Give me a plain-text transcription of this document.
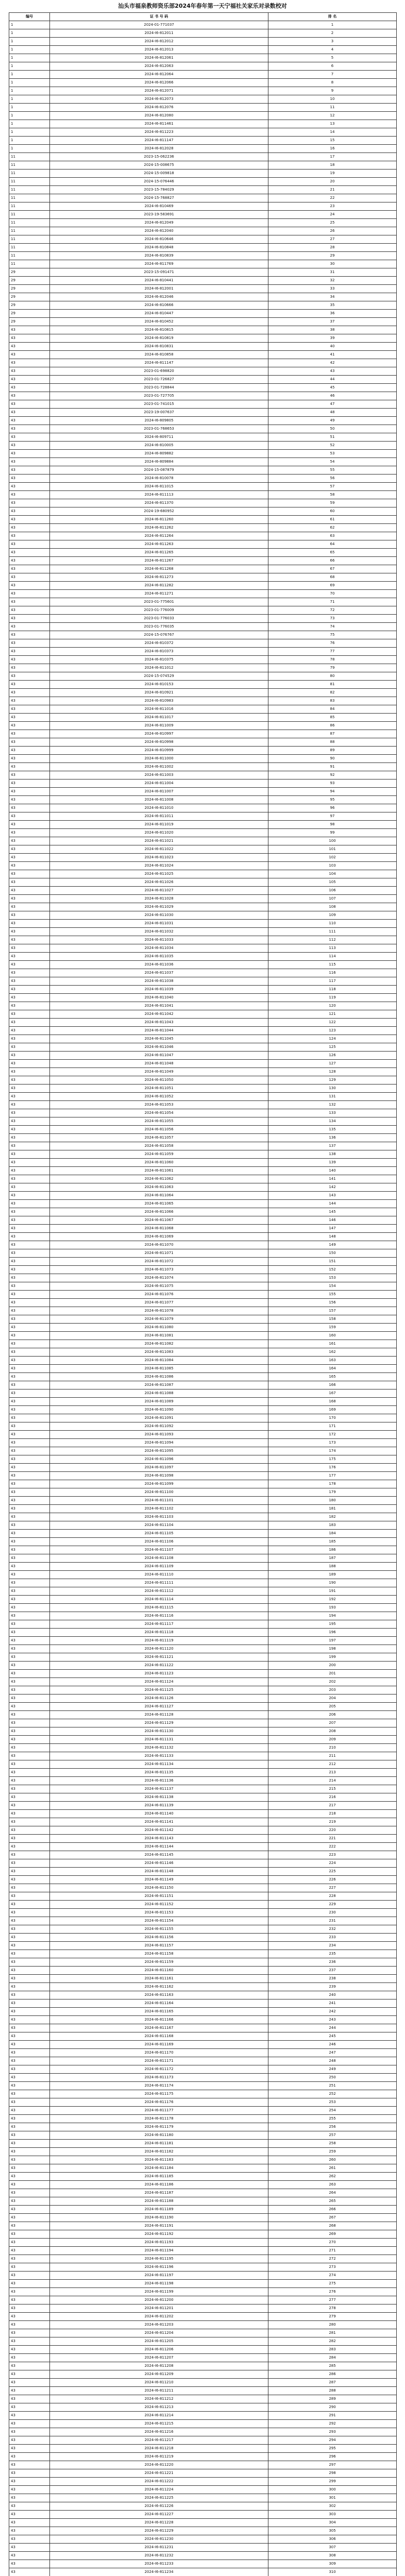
汕头市福泉教师资乐部2024年春年第一天宁福社关家乐对录数校对
编号	证 书 号 码	排 名
1	2024-01-771037	1
1	2024-I6-812011	2
1	2024-I6-812012	3
1	2024-I6-812013	4
1	2024-I6-812061	5
1	2024-I6-812063	6
1	2024-I6-812064	7
1	2024-I6-812066	8
1	2024-I6-812071	9
1	2024-I6-812073	10
1	2024-I6-812076	11
1	2024-I6-812080	12
1	2024-I6-811461	13
1	2024-I6-811223	14
1	2024-I6-811147	15
1	2024-I6-812028	16
11	2023-15-062236	17
11	2024-15-008675	18
11	2024-15-009818	19
11	2024-15-076446	20
11	2023-15-784029	21
11	2024-15-768827	22
11	2024-I6-810469	23
11	2023-19-583691	24
11	2024-I6-812049	25
11	2024-I6-812040	26
11	2024-I6-810646	27
11	2024-I6-810848	28
11	2024-I6-810839	29
11	2024-I6-811769	30
29	2023-15-091471	31
29	2024-I6-810441	32
29	2024-I6-812001	33
29	2024-I6-812046	34
29	2024-I6-810666	35
29	2024-I6-810447	36
29	2024-I6-810452	37
43	2024-I6-810815	38
43	2024-I6-810819	39
43	2024-I6-810831	40
43	2024-I6-810858	41
43	2024-I6-811147	42
43	2023-01-698820	43
43	2023-01-726827	44
43	2023-01-728844	45
43	2023-01-727705	46
43	2023-01-741015	47
43	2023-19-007637	48
43	2024-I6-809805	49
43	2023-01-768653	50
43	2024-I6-809711	51
43	2024-I6-810005	52
43	2024-I6-809882	53
43	2024-I6-809884	54
43	2024-15-087879	55
43	2024-I6-810078	56
43	2024-I6-811015	57
43	2024-I6-811113	58
43	2024-I6-811370	59
43	2024-19-680952	60
43	2024-I6-811260	61
43	2024-I6-811262	62
43	2024-I6-811264	63
43	2024-I6-811263	64
43	2024-I6-811265	65
43	2024-I6-811267	66
43	2024-I6-811268	67
43	2024-I6-811273	68
43	2024-I6-811282	69
43	2024-I6-811271	70
43	2023-01-775601	71
43	2023-01-776009	72
43	2023-01-776033	73
43	2023-01-776035	74
43	2024-15-076767	75
43	2024-I6-810372	76
43	2024-I6-810373	77
43	2024-I6-810375	78
43	2024-I6-811012	79
43	2024-15-074529	80
43	2024-I6-810153	81
43	2024-I6-810921	82
43	2024-I6-810983	83
43	2024-I6-811016	84
43	2024-I6-811017	85
43	2024-I6-811009	86
43	2024-I6-810997	87
43	2024-I6-810998	88
43	2024-I6-810999	89
43	2024-I6-811000	90
43	2024-I6-811002	91
43	2024-I6-811003	92
43	2024-I6-811004	93
43	2024-I6-811007	94
43	2024-I6-811008	95
43	2024-I6-811010	96
43	2024-I6-811011	97
43	2024-I6-811019	98
43	2024-I6-811020	99
43	2024-I6-811021	100
43	2024-I6-811022	101
43	2024-I6-811023	102
43	2024-I6-811024	103
43	2024-I6-811025	104
43	2024-I6-811026	105
43	2024-I6-811027	106
43	2024-I6-811028	107
43	2024-I6-811029	108
43	2024-I6-811030	109
43	2024-I6-811031	110
43	2024-I6-811032	111
43	2024-I6-811033	112
43	2024-I6-811034	113
43	2024-I6-811035	114
43	2024-I6-811036	115
43	2024-I6-811037	116
43	2024-I6-811038	117
43	2024-I6-811039	118
43	2024-I6-811040	119
43	2024-I6-811041	120
43	2024-I6-811042	121
43	2024-I6-811043	122
43	2024-I6-811044	123
43	2024-I6-811045	124
43	2024-I6-811046	125
43	2024-I6-811047	126
43	2024-I6-811048	127
43	2024-I6-811049	128
43	2024-I6-811050	129
43	2024-I6-811051	130
43	2024-I6-811052	131
43	2024-I6-811053	132
43	2024-I6-811054	133
43	2024-I6-811055	134
43	2024-I6-811056	135
43	2024-I6-811057	136
43	2024-I6-811058	137
43	2024-I6-811059	138
43	2024-I6-811060	139
43	2024-I6-811061	140
43	2024-I6-811062	141
43	2024-I6-811063	142
43	2024-I6-811064	143
43	2024-I6-811065	144
43	2024-I6-811066	145
43	2024-I6-811067	146
43	2024-I6-811068	147
43	2024-I6-811069	148
43	2024-I6-811070	149
43	2024-I6-811071	150
43	2024-I6-811072	151
43	2024-I6-811073	152
43	2024-I6-811074	153
43	2024-I6-811075	154
43	2024-I6-811076	155
43	2024-I6-811077	156
43	2024-I6-811078	157
43	2024-I6-811079	158
43	2024-I6-811080	159
43	2024-I6-811081	160
43	2024-I6-811082	161
43	2024-I6-811083	162
43	2024-I6-811084	163
43	2024-I6-811085	164
43	2024-I6-811086	165
43	2024-I6-811087	166
43	2024-I6-811088	167
43	2024-I6-811089	168
43	2024-I6-811090	169
43	2024-I6-811091	170
43	2024-I6-811092	171
43	2024-I6-811093	172
43	2024-I6-811094	173
43	2024-I6-811095	174
43	2024-I6-811096	175
43	2024-I6-811097	176
43	2024-I6-811098	177
43	2024-I6-811099	178
43	2024-I6-811100	179
43	2024-I6-811101	180
43	2024-I6-811102	181
43	2024-I6-811103	182
43	2024-I6-811104	183
43	2024-I6-811105	184
43	2024-I6-811106	185
43	2024-I6-811107	186
43	2024-I6-811108	187
43	2024-I6-811109	188
43	2024-I6-811110	189
43	2024-I6-811111	190
43	2024-I6-811112	191
43	2024-I6-811114	192
43	2024-I6-811115	193
43	2024-I6-811116	194
43	2024-I6-811117	195
43	2024-I6-811118	196
43	2024-I6-811119	197
43	2024-I6-811120	198
43	2024-I6-811121	199
43	2024-I6-811122	200
43	2024-I6-811123	201
43	2024-I6-811124	202
43	2024-I6-811125	203
43	2024-I6-811126	204
43	2024-I6-811127	205
43	2024-I6-811128	206
43	2024-I6-811129	207
43	2024-I6-811130	208
43	2024-I6-811131	209
43	2024-I6-811132	210
43	2024-I6-811133	211
43	2024-I6-811134	212
43	2024-I6-811135	213
43	2024-I6-811136	214
43	2024-I6-811137	215
43	2024-I6-811138	216
43	2024-I6-811139	217
43	2024-I6-811140	218
43	2024-I6-811141	219
43	2024-I6-811142	220
43	2024-I6-811143	221
43	2024-I6-811144	222
43	2024-I6-811145	223
43	2024-I6-811146	224
43	2024-I6-811148	225
43	2024-I6-811149	226
43	2024-I6-811150	227
43	2024-I6-811151	228
43	2024-I6-811152	229
43	2024-I6-811153	230
43	2024-I6-811154	231
43	2024-I6-811155	232
43	2024-I6-811156	233
43	2024-I6-811157	234
43	2024-I6-811158	235
43	2024-I6-811159	236
43	2024-I6-811160	237
43	2024-I6-811161	238
43	2024-I6-811162	239
43	2024-I6-811163	240
43	2024-I6-811164	241
43	2024-I6-811165	242
43	2024-I6-811166	243
43	2024-I6-811167	244
43	2024-I6-811168	245
43	2024-I6-811169	246
43	2024-I6-811170	247
43	2024-I6-811171	248
43	2024-I6-811172	249
43	2024-I6-811173	250
43	2024-I6-811174	251
43	2024-I6-811175	252
43	2024-I6-811176	253
43	2024-I6-811177	254
43	2024-I6-811178	255
43	2024-I6-811179	256
43	2024-I6-811180	257
43	2024-I6-811181	258
43	2024-I6-811182	259
43	2024-I6-811183	260
43	2024-I6-811184	261
43	2024-I6-811185	262
43	2024-I6-811186	263
43	2024-I6-811187	264
43	2024-I6-811188	265
43	2024-I6-811189	266
43	2024-I6-811190	267
43	2024-I6-811191	268
43	2024-I6-811192	269
43	2024-I6-811193	270
43	2024-I6-811194	271
43	2024-I6-811195	272
43	2024-I6-811196	273
43	2024-I6-811197	274
43	2024-I6-811198	275
43	2024-I6-811199	276
43	2024-I6-811200	277
43	2024-I6-811201	278
43	2024-I6-811202	279
43	2024-I6-811203	280
43	2024-I6-811204	281
43	2024-I6-811205	282
43	2024-I6-811206	283
43	2024-I6-811207	284
43	2024-I6-811208	285
43	2024-I6-811209	286
43	2024-I6-811210	287
43	2024-I6-811211	288
43	2024-I6-811212	289
43	2024-I6-811213	290
43	2024-I6-811214	291
43	2024-I6-811215	292
43	2024-I6-811216	293
43	2024-I6-811217	294
43	2024-I6-811218	295
43	2024-I6-811219	296
43	2024-I6-811220	297
43	2024-I6-811221	298
43	2024-I6-811222	299
43	2024-I6-811224	300
43	2024-I6-811225	301
43	2024-I6-811226	302
43	2024-I6-811227	303
43	2024-I6-811228	304
43	2024-I6-811229	305
43	2024-I6-811230	306
43	2024-I6-811231	307
43	2024-I6-811232	308
43	2024-I6-811233	309
43	2024-I6-811234	310
